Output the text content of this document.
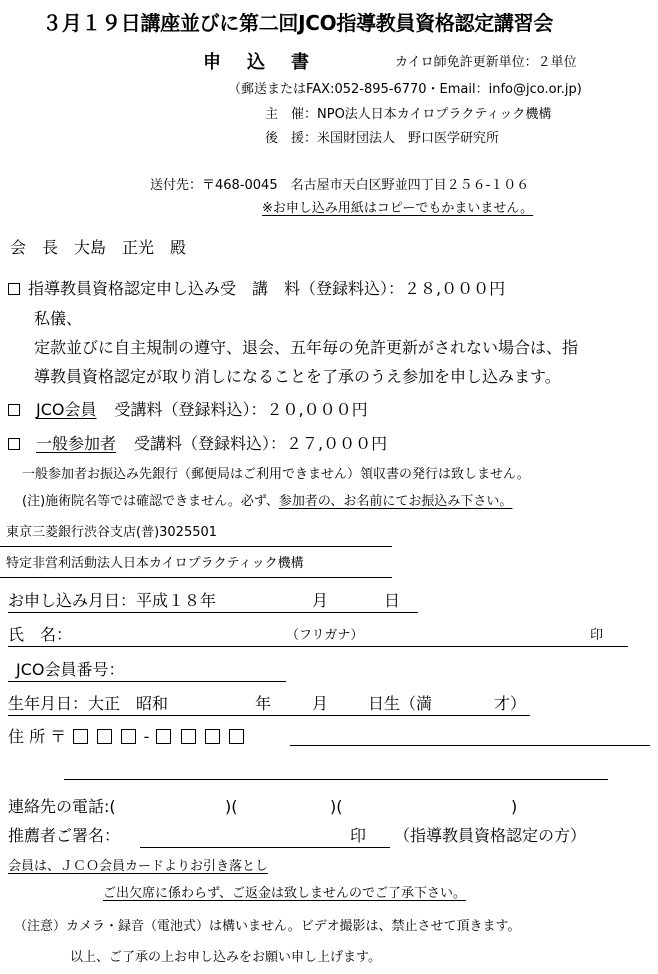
３月１９日講座並びに第二回JCO指導教員資格認定講習会
申　込　書	カイロ師免許更新単位：２単位
（郵送またはFAX:052-895-6770・Email：info@jco.or.jp)
主　催：NPO法人日本カイロプラクティック機構
後　援：米国財団法人　野口医学研究所
送付先：〒468-0045　名古屋市天白区野並四丁目２５６-１０６
※お申し込み用紙はコピーでもかまいません。
会　長　大島　正光　殿
指導教員資格認定申し込み受　講　料（登録料込）：２８,０００円
私儀、
定款並びに自主規制の遵守、退会、五年毎の免許更新がされない場合は、指
導教員資格認定が取り消しになることを了承のうえ参加を申し込みます。
JCO会員 受講料（登録料込）：２０,０００円
一般参加者 受講料（登録料込）：２７,０００円
一般参加者お振込み先銀行（郵便局はご利用できません）領収書の発行は致しません。
(注)施術院名等では確認できません。必ず、参加者の、お名前にてお振込み下さい。
東京三菱銀行渋谷支店(普)3025501
特定非営利活動法人日本カイロプラクティック機構
お申し込み月日：平成１８年	月	日
氏　名：	（フリガナ）	印
JCO会員番号：
生年月日：大正　昭和	年	月 日生（満	才）
住 所 〒	-
連絡先の電話:(	)(	)(	)
推薦者ご署名：	印 （指導教員資格認定の方）
会員は、ＪＣＯ会員カードよりお引き落とし
ご出欠席に係わらず、ご返金は致しませんのでご了承下さい。
（注意）カメラ・録音（電池式）は構いません。ビデオ撮影は、禁止させて頂きます。
以上、ご了承の上お申し込みをお願い申し上げます。
